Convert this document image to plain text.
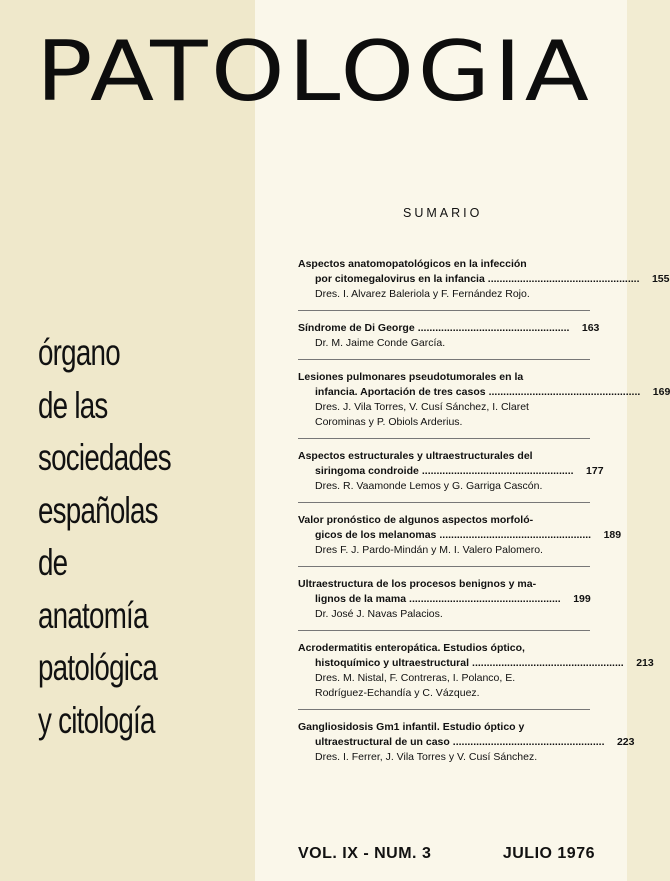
PATOLOGIA
órgano
de las
sociedades
españolas
de
anatomía
patológica
y citología
SUMARIO
Aspectos anatomopatológicos en la infección
por citomegalovirus en la infancia ....................................................	155
Dres. I. Alvarez Baleriola y F. Fernández Rojo.
Síndrome de Di George ....................................................	163
Dr. M. Jaime Conde García.
Lesiones pulmonares pseudotumorales en la
infancia. Aportación de tres casos ....................................................	169
Dres. J. Vila Torres, V. Cusí Sánchez, I. Claret Corominas y P. Obiols Arderius.
Aspectos estructurales y ultraestructurales del
siringoma condroide ....................................................	177
Dres. R. Vaamonde Lemos y G. Garriga Cascón.
Valor pronóstico de algunos aspectos morfoló-
gicos de los melanomas ....................................................	189
Dres F. J. Pardo-Mindán y M. I. Valero Palomero.
Ultraestructura de los procesos benignos y ma-
lignos de la mama ....................................................	199
Dr. José J. Navas Palacios.
Acrodermatitis enteropática. Estudios óptico,
histoquímico y ultraestructural ....................................................	213
Dres. M. Nistal, F. Contreras, I. Polanco, E. Rodríguez-Echandía y C. Vázquez.
Gangliosidosis Gm1 infantil. Estudio óptico y
ultraestructural de un caso ....................................................	223
Dres. I. Ferrer, J. Vila Torres y V. Cusí Sánchez.
VOL. IX - NUM. 3	JULIO 1976
